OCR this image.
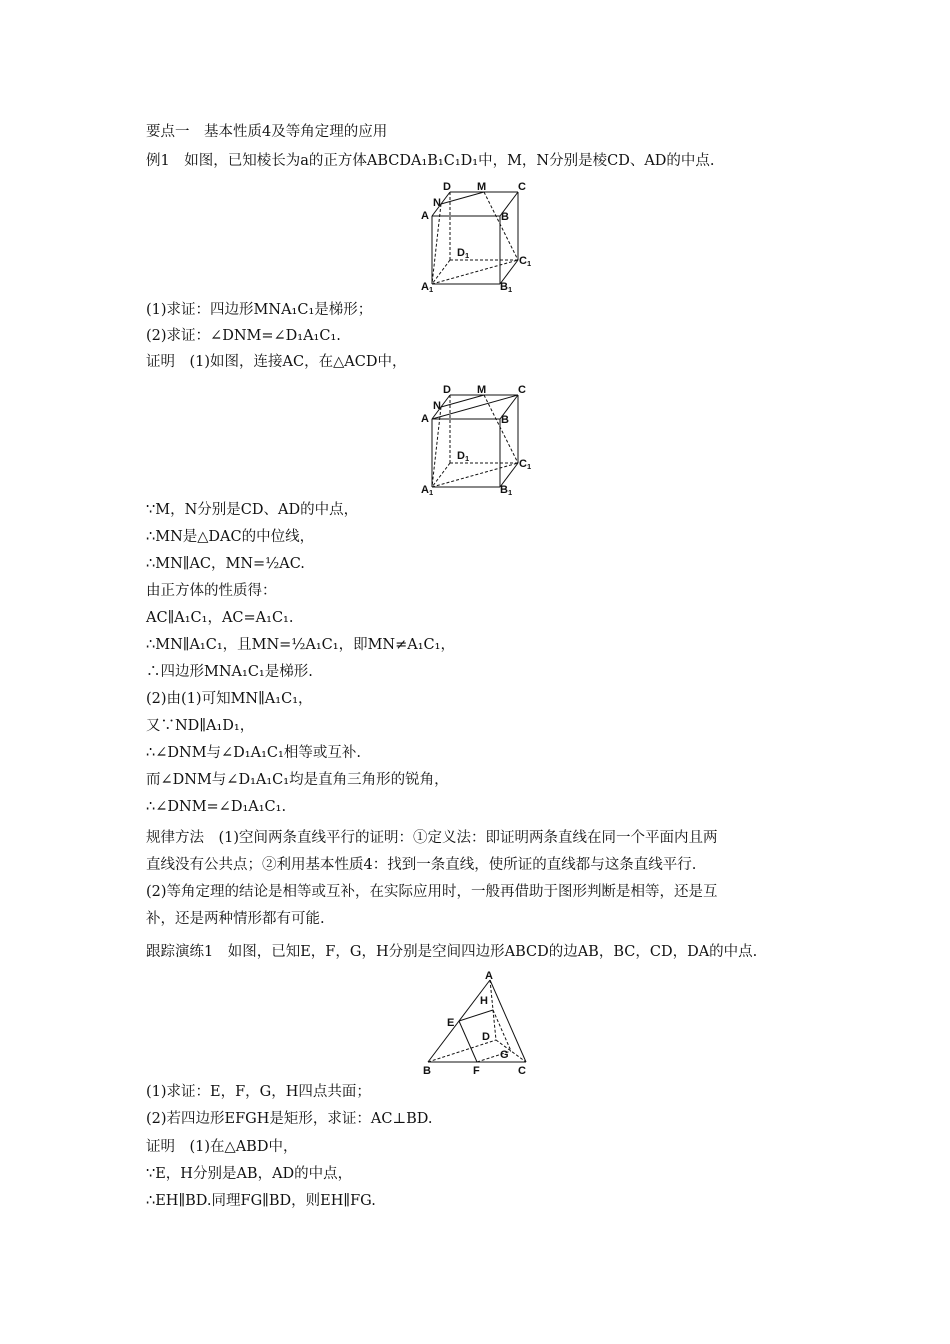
要点一　基本性质4及等角定理的应用
例1　如图，已知棱长为a的正方体ABCDA₁B₁C₁D₁中，M，N分别是棱CD、AD的中点.
D M	C
N
A	B
D 1	C 1
A 1	B 1
(1)求证：四边形MNA₁C₁是梯形；
(2)求证：∠DNM=∠D₁A₁C₁.
证明　(1)如图，连接AC，在△ACD中，
D M	C
N
A	B
D 1	C 1
A 1	B 1
∵M，N分别是CD、AD的中点，
∴MN是△DAC的中位线，
∴MN∥AC，MN=½AC.
由正方体的性质得：
AC∥A₁C₁，AC=A₁C₁.
∴MN∥A₁C₁，且MN=½A₁C₁，即MN≠A₁C₁，
∴四边形MNA₁C₁是梯形.
(2)由(1)可知MN∥A₁C₁，
又∵ND∥A₁D₁，
∴∠DNM与∠D₁A₁C₁相等或互补.
而∠DNM与∠D₁A₁C₁均是直角三角形的锐角，
∴∠DNM=∠D₁A₁C₁.
规律方法　(1)空间两条直线平行的证明：①定义法：即证明两条直线在同一个平面内且两
直线没有公共点；②利用基本性质4：找到一条直线，使所证的直线都与这条直线平行.
(2)等角定理的结论是相等或互补，在实际应用时，一般再借助于图形判断是相等，还是互
补，还是两种情形都有可能.
跟踪演练1　如图，已知E，F，G，H分别是空间四边形ABCD的边AB，BC，CD，DA的中点.
A
H
E
D
G
B	F	C
(1)求证：E，F，G，H四点共面；
(2)若四边形EFGH是矩形，求证：AC⊥BD.
证明　(1)在△ABD中，
∵E，H分别是AB，AD的中点，
∴EH∥BD.同理FG∥BD，则EH∥FG.
